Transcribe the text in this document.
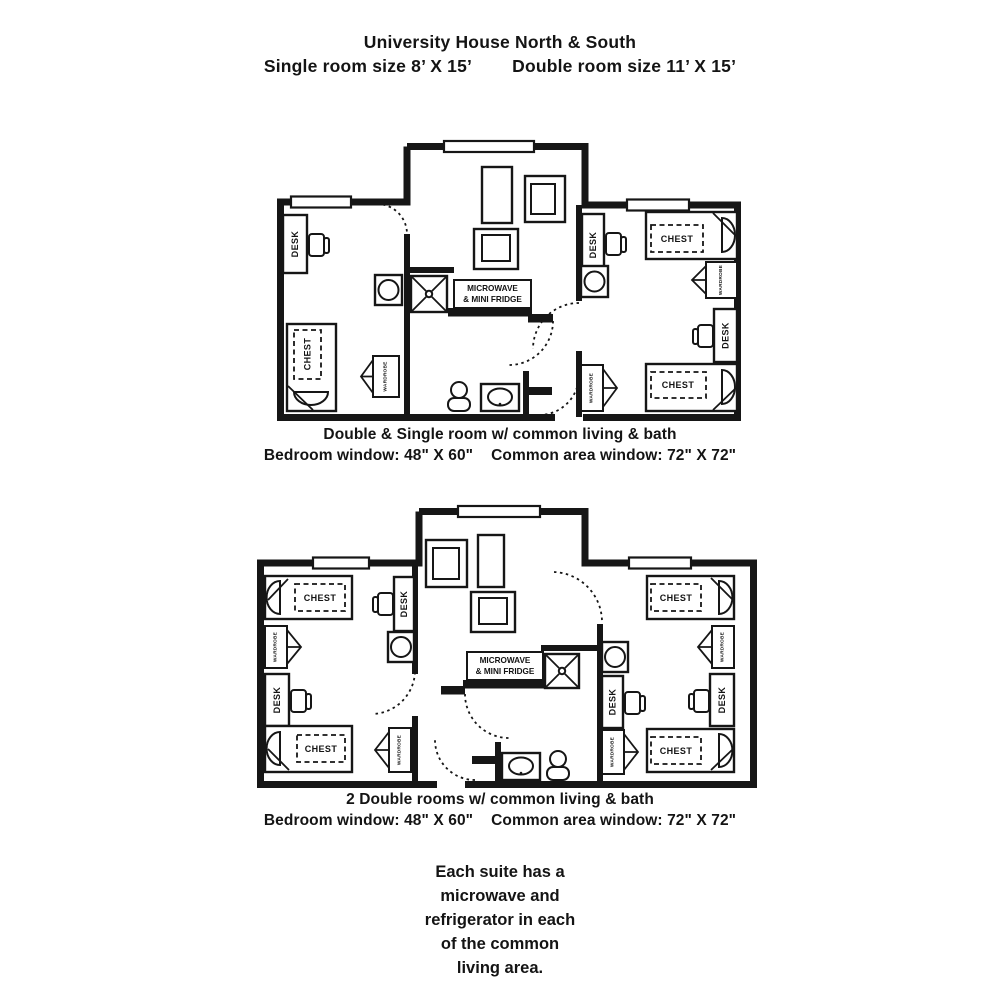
University House North & South
Single room size 8’ X 15’ Double room size 11’ X 15’
DESK
CHEST
WARDROBE
MICROWAVE
& MINI FRIDGE
DESK	CHEST
WARDROBE
DESK
CHEST
WARDROBE
Double & Single room w/ common living & bath
Bedroom window: 48" X 60" Common area window: 72" X 72"
CHEST	DESK
WARDROBE
DESK
CHEST	WARDROBE
MICROWAVE
& MINI FRIDGE
CHEST
WARDROBE
DESK
CHEST
DESK
WARDROBE
2 Double rooms w/ common living & bath
Bedroom window: 48" X 60" Common area window: 72" X 72"
Each suite has a
microwave and
refrigerator in each
of the common
living area.
